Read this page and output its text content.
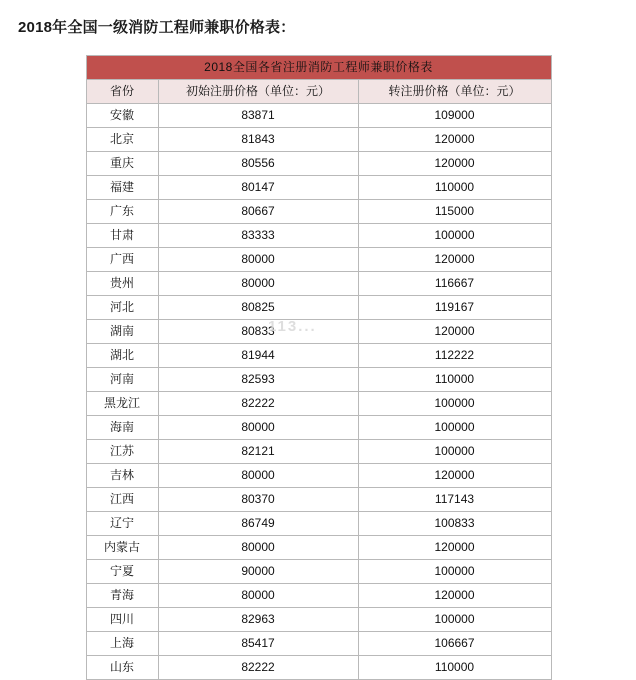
2018年全国一级消防工程师兼职价格表：
2018全国各省注册消防工程师兼职价格表		
省份	初始注册价格（单位：元）	转注册价格（单位：元）
安徽	83871	109000
北京	81843	120000
重庆	80556	120000
福建	80147	110000
广东	80667	115000
甘肃	83333	100000
广西	80000	120000
贵州	80000	116667
河北	80825	119167
湖南	80833	120000
湖北	81944	112222
河南	82593	110000
黑龙江	82222	100000
海南	80000	100000
江苏	82121	100000
吉林	80000	120000
江西	80370	117143
辽宁	86749	100833
内蒙古	80000	120000
宁夏	90000	100000
青海	80000	120000
四川	82963	100000
上海	85417	106667
山东	82222	110000
113...
